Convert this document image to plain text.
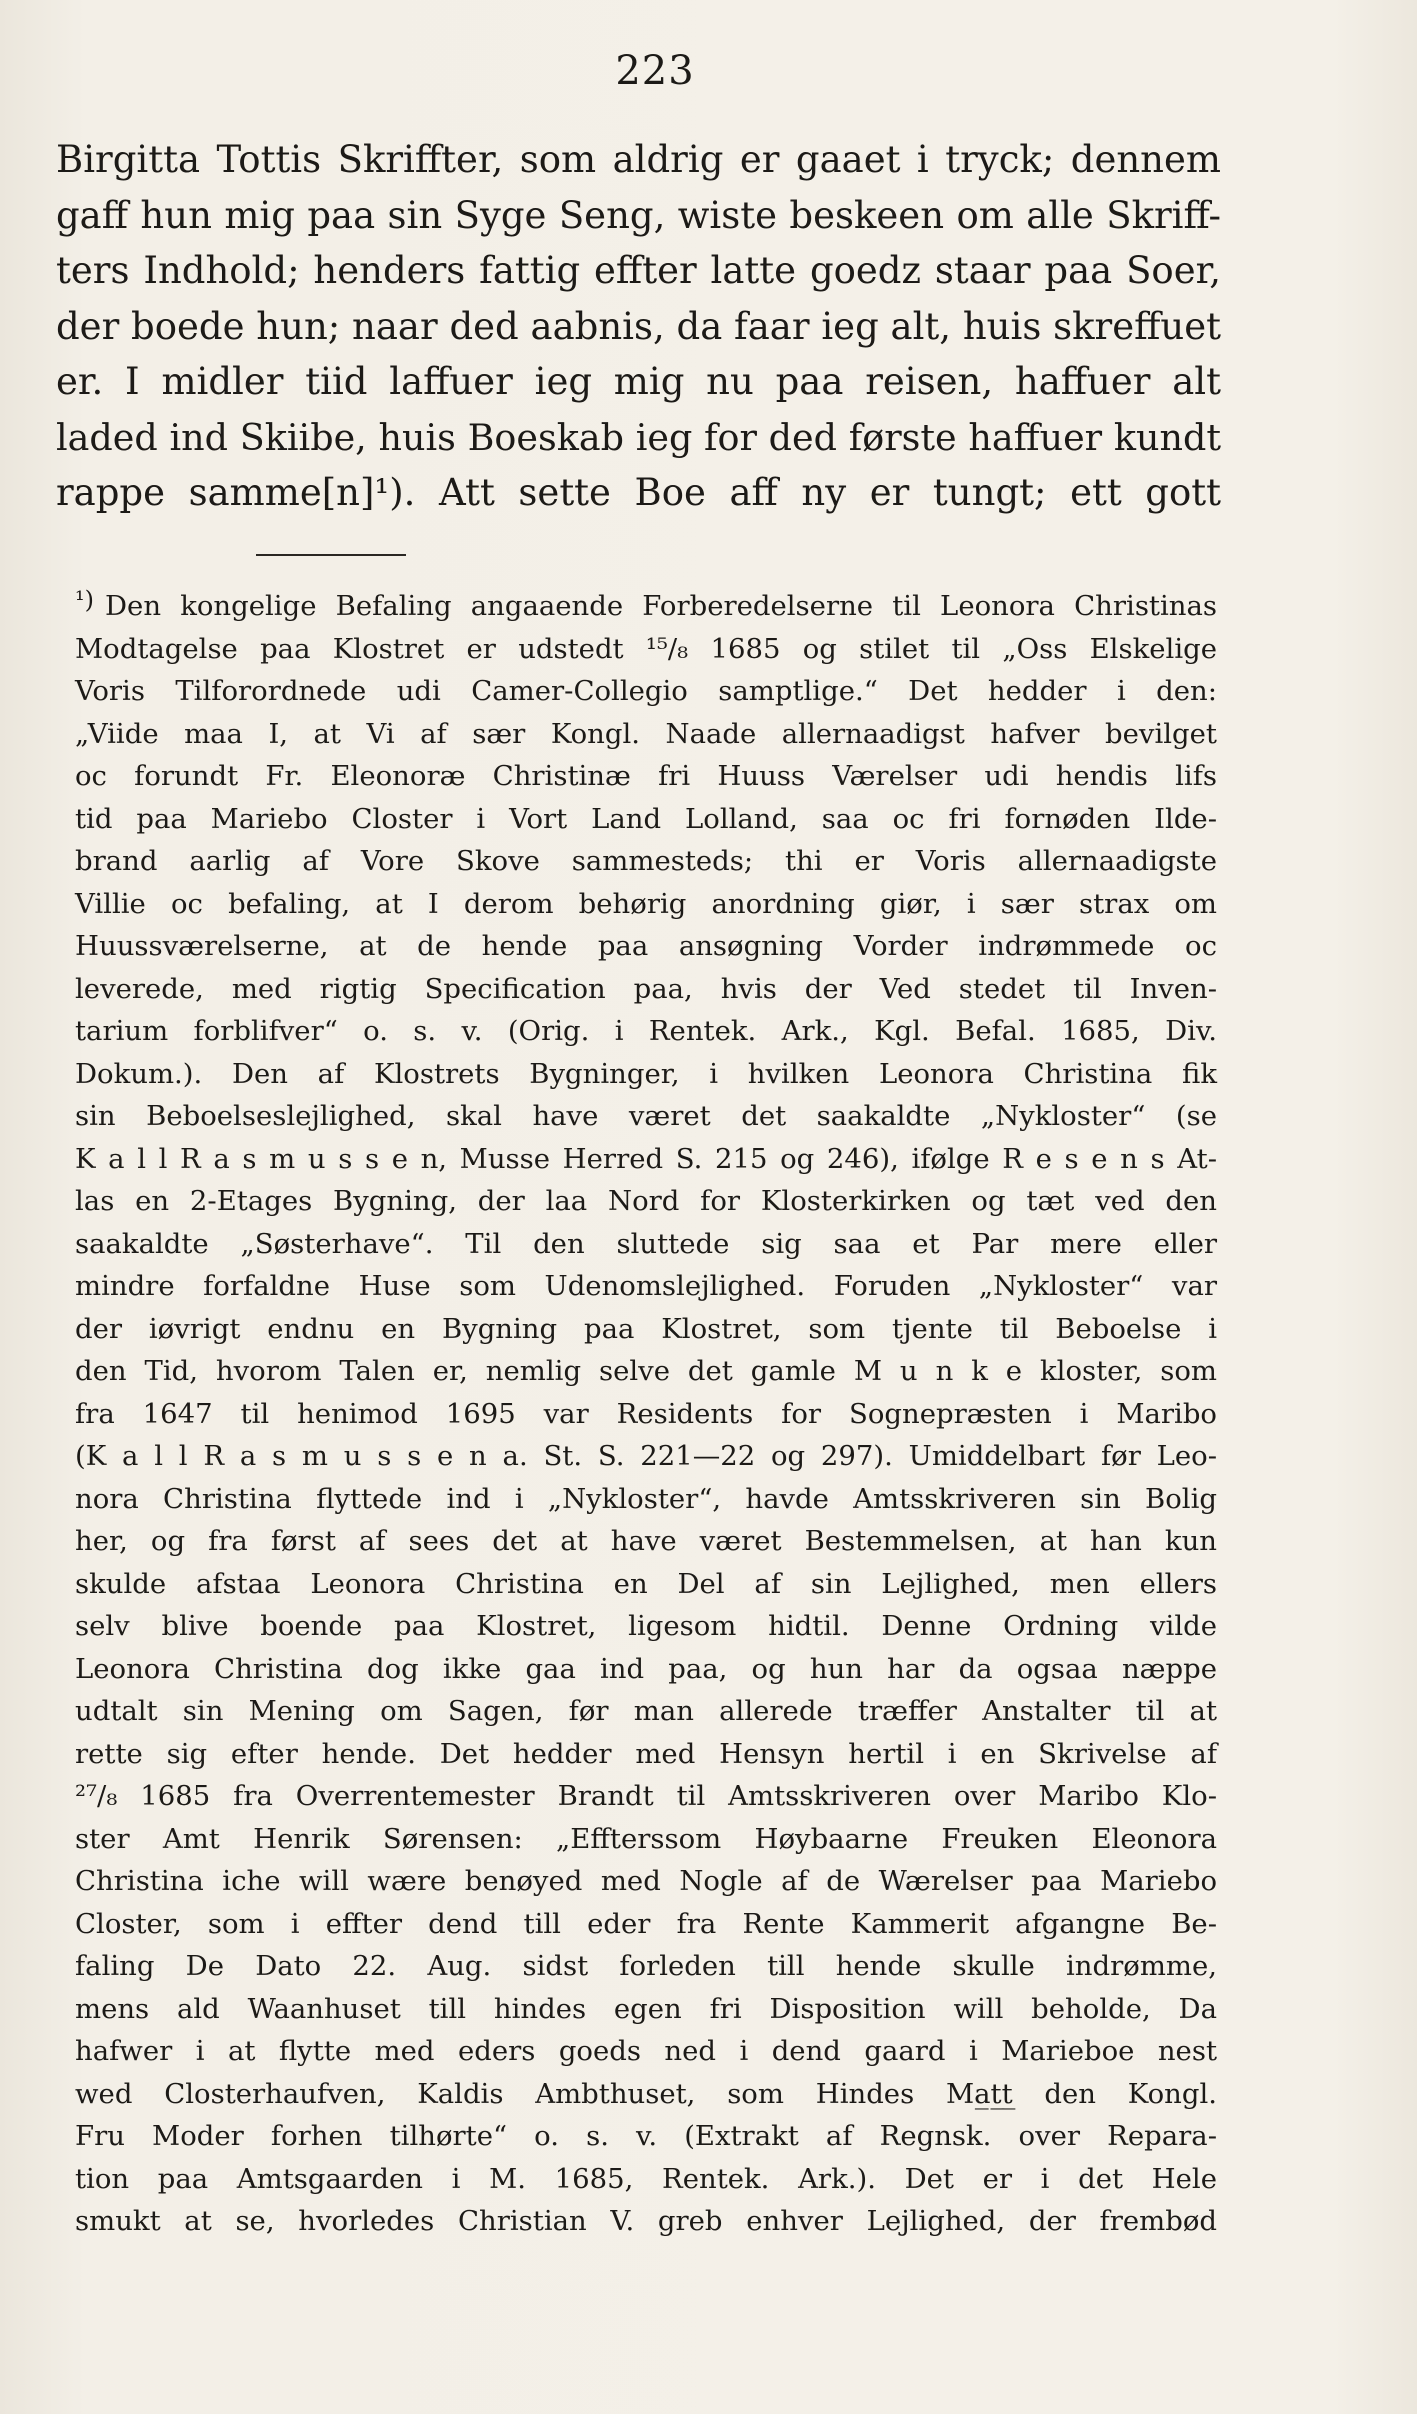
223
Birgitta Tottis Skriffter, som aldrig er gaaet i tryck; dennem
gaff hun mig paa sin Syge Seng, wiste beskeen om alle Skriff-
ters Indhold; henders fattig effter latte goedz staar paa Soer,
der boede hun; naar ded aabnis, da faar ieg alt, huis skreffuet
er. I midler tiid laffuer ieg mig nu paa reisen, haffuer alt
laded ind Skiibe, huis Boeskab ieg for ded første haffuer kundt
rappe samme[n]¹). Att sette Boe aff ny er tungt; ett gott
¹) Den kongelige Befaling angaaende Forberedelserne til Leonora Christinas
Modtagelse paa Klostret er udstedt ¹⁵/₈ 1685 og stilet til „Oss Elskelige
Voris Tilforordnede udi Camer-Collegio samptlige.“ Det hedder i den:
„Viide maa I, at Vi af sær Kongl. Naade allernaadigst hafver bevilget
oc forundt Fr. Eleonoræ Christinæ fri Huuss Værelser udi hendis lifs
tid paa Mariebo Closter i Vort Land Lolland, saa oc fri fornøden Ilde-
brand aarlig af Vore Skove sammesteds; thi er Voris allernaadigste
Villie oc befaling, at I derom behørig anordning giør, i sær strax om
Huussværelserne, at de hende paa ansøgning Vorder indrømmede oc
leverede, med rigtig Specification paa, hvis der Ved stedet til Inven-
tarium forblifver“ o. s. v. (Orig. i Rentek. Ark., Kgl. Befal. 1685, Div.
Dokum.). Den af Klostrets Bygninger, i hvilken Leonora Christina fik
sin Beboelseslejlighed, skal have været det saakaldte „Nykloster“ (se
K a l l R a s m u s s e n, Musse Herred S. 215 og 246), ifølge R e s e n s At-
las en 2-Etages Bygning, der laa Nord for Klosterkirken og tæt ved den
saakaldte „Søsterhave“. Til den sluttede sig saa et Par mere eller
mindre forfaldne Huse som Udenomslejlighed. Foruden „Nykloster“ var
der iøvrigt endnu en Bygning paa Klostret, som tjente til Beboelse i
den Tid, hvorom Talen er, nemlig selve det gamle M u n k e kloster, som
fra 1647 til henimod 1695 var Residents for Sognepræsten i Maribo
(K a l l R a s m u s s e n a. St. S. 221—22 og 297). Umiddelbart før Leo-
nora Christina flyttede ind i „Nykloster“, havde Amtsskriveren sin Bolig
her, og fra først af sees det at have været Bestemmelsen, at han kun
skulde afstaa Leonora Christina en Del af sin Lejlighed, men ellers
selv blive boende paa Klostret, ligesom hidtil. Denne Ordning vilde
Leonora Christina dog ikke gaa ind paa, og hun har da ogsaa næppe
udtalt sin Mening om Sagen, før man allerede træffer Anstalter til at
rette sig efter hende. Det hedder med Hensyn hertil i en Skrivelse af
²⁷/₈ 1685 fra Overrentemester Brandt til Amtsskriveren over Maribo Klo-
ster Amt Henrik Sørensen: „Effterssom Høybaarne Freuken Eleonora
Christina iche will wære benøyed med Nogle af de Wærelser paa Mariebo
Closter, som i effter dend till eder fra Rente Kammerit afgangne Be-
faling De Dato 22. Aug. sidst forleden till hende skulle indrømme,
mens ald Waanhuset till hindes egen fri Disposition will beholde, Da
hafwer i at flytte med eders goeds ned i dend gaard i Marieboe nest
wed Closterhaufven, Kaldis Ambthuset, som Hindes Ma̲t̲t̲ den Kongl.
Fru Moder forhen tilhørte“ o. s. v. (Extrakt af Regnsk. over Repara-
tion paa Amtsgaarden i M. 1685, Rentek. Ark.). Det er i det Hele
smukt at se, hvorledes Christian V. greb enhver Lejlighed, der frembød
